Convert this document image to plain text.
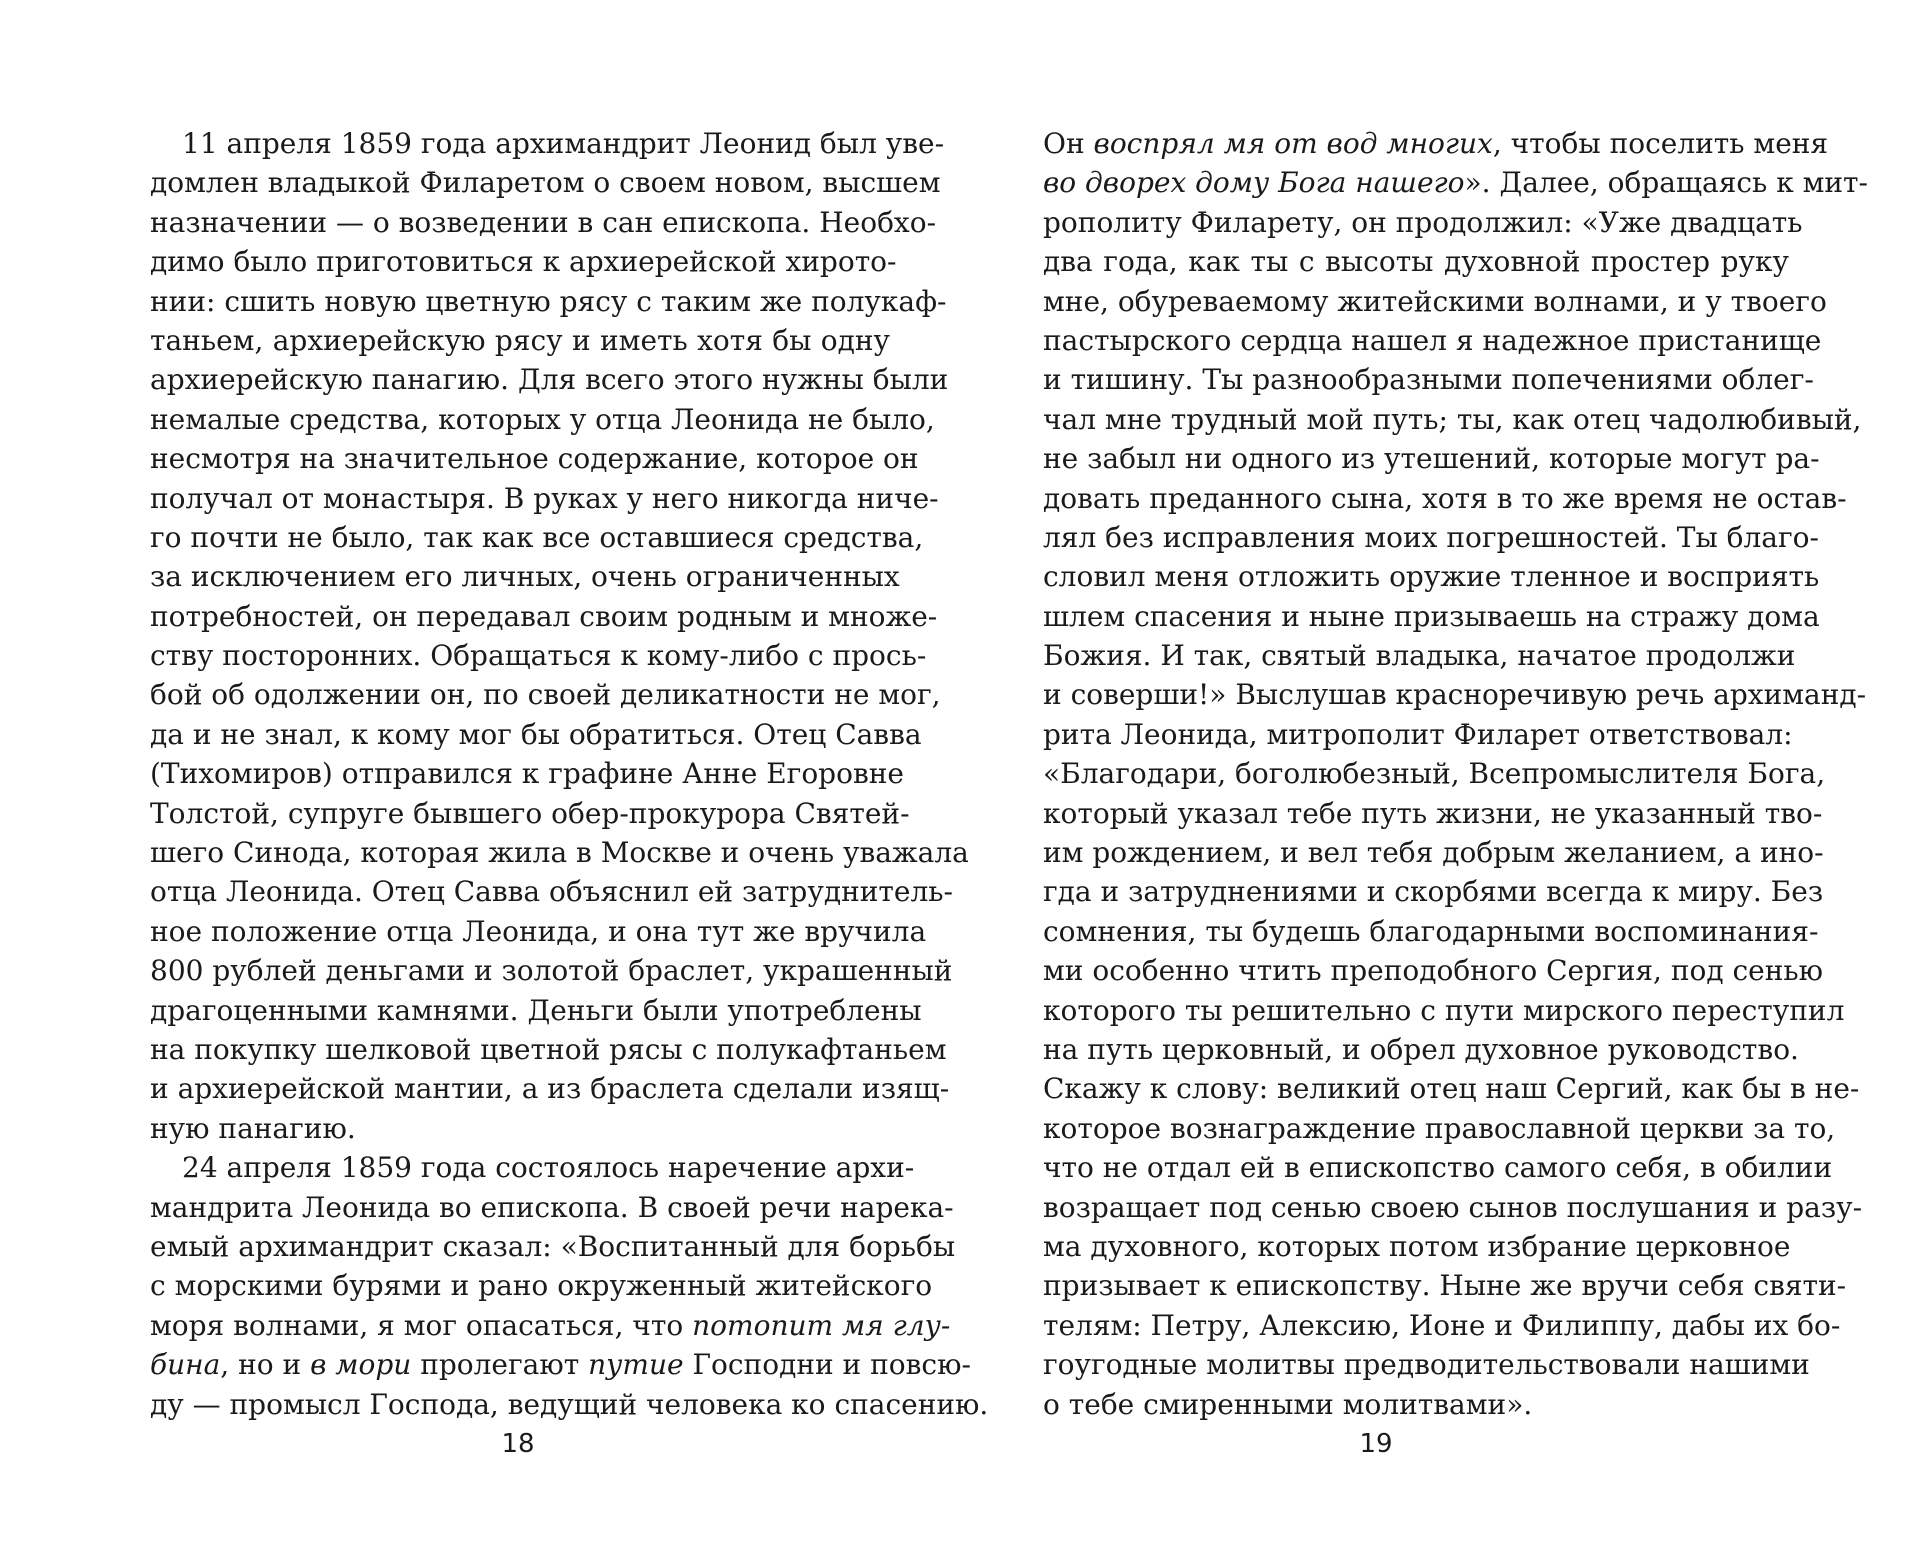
11 апреля 1859 года архимандрит Леонид был уве-
домлен владыкой Филаретом о своем новом, высшем
назначении — о возведении в сан епископа. Необхо-
димо было приготовиться к архиерейской хирото-
нии: сшить новую цветную рясу с таким же полукаф-
таньем, архиерейскую рясу и иметь хотя бы одну
архиерейскую панагию. Для всего этого нужны были
немалые средства, которых у отца Леонида не было,
несмотря на значительное содержание, которое он
получал от монастыря. В руках у него никогда ниче-
го почти не было, так как все оставшиеся средства,
за исключением его личных, очень ограниченных
потребностей, он передавал своим родным и множе-
ству посторонних. Обращаться к кому-либо с прось-
бой об одолжении он, по своей деликатности не мог,
да и не знал, к кому мог бы обратиться. Отец Савва
(Тихомиров) отправился к графине Анне Егоровне
Толстой, супруге бывшего обер-прокурора Святей-
шего Синода, которая жила в Москве и очень уважала
отца Леонида. Отец Савва объяснил ей затруднитель-
ное положение отца Леонида, и она тут же вручила
800 рублей деньгами и золотой браслет, украшенный
драгоценными камнями. Деньги были употреблены
на покупку шелковой цветной рясы с полукафтаньем
и архиерейской мантии, а из браслета сделали изящ-
ную панагию.
24 апреля 1859 года состоялось наречение архи-
мандрита Леонида во епископа. В своей речи нарека-
емый архимандрит сказал: «Воспитанный для борьбы
с морскими бурями и рано окруженный житейского
моря волнами, я мог опасаться, что потопит мя глу-
бина, но и в мори пролегают путие Господни и повсю-
ду — промысл Господа, ведущий человека ко спасению.
18
Он воспрял мя от вод многих, чтобы поселить меня
во дворех дому Бога нашего». Далее, обращаясь к мит-
рополиту Филарету, он продолжил: «Уже двадцать
два года, как ты с высоты духовной простер руку
мне, обуреваемому житейскими волнами, и у твоего
пастырского сердца нашел я надежное пристанище
и тишину. Ты разнообразными попечениями облег-
чал мне трудный мой путь; ты, как отец чадолюбивый,
не забыл ни одного из утешений, которые могут ра-
довать преданного сына, хотя в то же время не остав-
лял без исправления моих погрешностей. Ты благо-
словил меня отложить оружие тленное и восприять
шлем спасения и ныне призываешь на стражу дома
Божия. И так, святый владыка, начатое продолжи
и соверши!» Выслушав красноречивую речь архиманд-
рита Леонида, митрополит Филарет ответствовал:
«Благодари, боголюбезный, Всепромыслителя Бога,
который указал тебе путь жизни, не указанный тво-
им рождением, и вел тебя добрым желанием, а ино-
гда и затруднениями и скорбями всегда к миру. Без
сомнения, ты будешь благодарными воспоминания-
ми особенно чтить преподобного Сергия, под сенью
которого ты решительно с пути мирского переступил
на путь церковный, и обрел духовное руководство.
Скажу к слову: великий отец наш Сергий, как бы в не-
которое вознаграждение православной церкви за то,
что не отдал ей в епископство самого себя, в обилии
возращает под сенью своею сынов послушания и разу-
ма духовного, которых потом избрание церковное
призывает к епископству. Ныне же вручи себя святи-
телям: Петру, Алексию, Ионе и Филиппу, дабы их бо-
гоугодные молитвы предводительствовали нашими
о тебе смиренными молитвами».
19
